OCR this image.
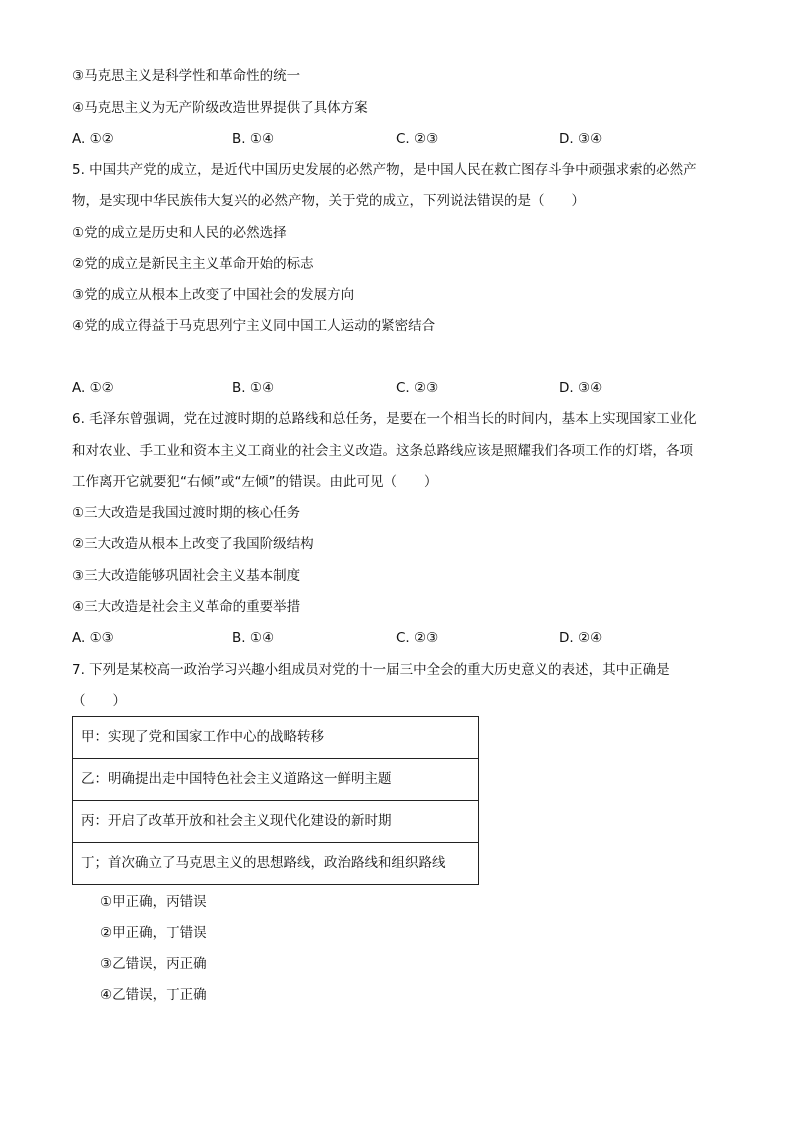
③马克思主义是科学性和革命性的统一
④马克思主义为无产阶级改造世界提供了具体方案
A. ①②	B. ①④	C. ②③	D. ③④
5. 中国共产党的成立，是近代中国历史发展的必然产物，是中国人民在救亡图存斗争中顽强求索的必然产
物，是实现中华民族伟大复兴的必然产物，关于党的成立，下列说法错误的是（　　）
①党的成立是历史和人民的必然选择
②党的成立是新民主主义革命开始的标志
③党的成立从根本上改变了中国社会的发展方向
④党的成立得益于马克思列宁主义同中国工人运动的紧密结合
A. ①②	B. ①④	C. ②③	D. ③④
6. 毛泽东曾强调，党在过渡时期的总路线和总任务，是要在一个相当长的时间内，基本上实现国家工业化
和对农业、手工业和资本主义工商业的社会主义改造。这条总路线应该是照耀我们各项工作的灯塔，各项
工作离开它就要犯“右倾”或“左倾”的错误。由此可见（　　）
①三大改造是我国过渡时期的核心任务
②三大改造从根本上改变了我国阶级结构
③三大改造能够巩固社会主义基本制度
④三大改造是社会主义革命的重要举措
A. ①③	B. ①④	C. ②③	D. ②④
7. 下列是某校高一政治学习兴趣小组成员对党的十一届三中全会的重大历史意义的表述，其中正确是
（　　）
甲：实现了党和国家工作中心的战略转移
乙：明确提出走中国特色社会主义道路这一鲜明主题
丙：开启了改革开放和社会主义现代化建设的新时期
丁；首次确立了马克思主义的思想路线，政治路线和组织路线
①甲正确，丙错误
②甲正确，丁错误
③乙错误，丙正确
④乙错误，丁正确
